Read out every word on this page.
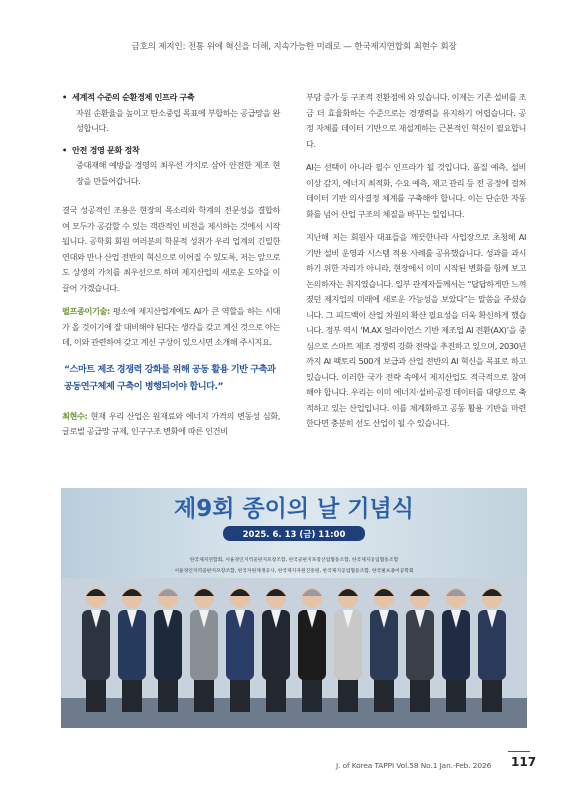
금호의 제지인: 전통 위에 혁신을 더해, 지속가능한 미래로 — 한국제지연합회 최현수 회장
• 세계적 수준의 순환경제 인프라 구축

자원 순환율을 높이고 탄소중립 목표에 부합하는 공급망을 완성합니다.

• 안전 경영 문화 정착

중대재해 예방을 경영의 최우선 가치로 삼아 안전한 제조 현장을 만들어갑니다.

결국 성공적인 조용은 현장의 목소리와 학계의 전문성을 결합하여 모두가 공감할 수 있는 객관적인 비전을 제시하는 것에서 시작됩니다. 공학회 회원 여러분의 학문적 성취가 우리 업계의 긴밀한 연대와 만나 산업 전반의 혁신으로 이어질 수 있도록, 저는 앞으로도 상생의 가치를 최우선으로 하며 제지산업의 새로운 도약을 이끌어 가겠습니다.

펄프종이기술: 평소에 제지산업계에도 AI가 큰 역할을 하는 시대가 올 것이기에 잘 대비해야 된다는 생각을 갖고 계신 것으로 아는데, 이와 관련하여 갖고 계신 구상이 있으시면 소개해 주시지요.

“스마트 제조 경쟁력 강화를 위해 공동 활용 기반 구축과 공동연구체제 구축이 병행되어야 합니다.”

최현수: 현재 우리 산업은 원재료와 에너지 가격의 변동성 심화, 글로벌 공급망 규제, 인구구조 변화에 따른 인건비

부담 증가 등 구조적 전환점에 와 있습니다. 이제는 기존 설비를 조금 더 효율화하는 수준으로는 경쟁력을 유지하기 어렵습니다. 공정 자체를 데이터 기반으로 재설계하는 근본적인 혁신이 필요합니다.

AI는 선택이 아니라 필수 인프라가 될 것입니다. 품질 예측, 설비 이상 감지, 에너지 최적화, 수요 예측, 재고 관리 등 전 공정에 걸쳐 데이터 기반 의사결정 체계를 구축해야 합니다. 이는 단순한 자동화를 넘어 산업 구조의 체질을 바꾸는 일입니다.

지난해 저는 회원사 대표들을 깨끗한나라 사업장으로 초청해 AI 기반 설비 운영과 시스템 적용 사례를 공유했습니다. 성과를 과시하기 위한 자리가 아니라, 현장에서 이미 시작된 변화를 함께 보고 논의하자는 취지였습니다. 일부 관계자들께서는 “답답하게만 느껴졌던 제지업의 미래에 새로운 가능성을 보았다”는 말씀을 주셨습니다. 그 피드백이 산업 차원의 확산 필요성을 더욱 확신하게 했습니다. 정부 역시 ‘M.AX 얼라이언스 기반 제조업 AI 전환(AX)’을 중심으로 스마트 제조 경쟁력 강화 전략을 추진하고 있으며, 2030년까지 AI 팩토리 500개 보급과 산업 전반의 AI 혁신을 목표로 하고 있습니다. 이러한 국가 전략 속에서 제지산업도 적극적으로 참여해야 합니다. 우리는 이미 에너지·설비·공정 데이터를 대량으로 축적하고 있는 산업입니다. 이를 체계화하고 공동 활용 기반을 마련한다면 충분히 선도 산업이 될 수 있습니다.

제9회 종이의 날 기념식
2025. 6. 13 (금) 11:00
한국제지연합회, 서울경인지역골판지포장조합, 한국골판지포장산업협동조합, 한국제지공업협동조합
서울경인지역골판지포장조합, 한국자원재생공사, 한국제지자원진흥원, 한국제지공업협동조합, 한국펄프종이공학회
J. of Korea TAPPI Vol.58 No.1 Jan.-Feb. 2026 117
